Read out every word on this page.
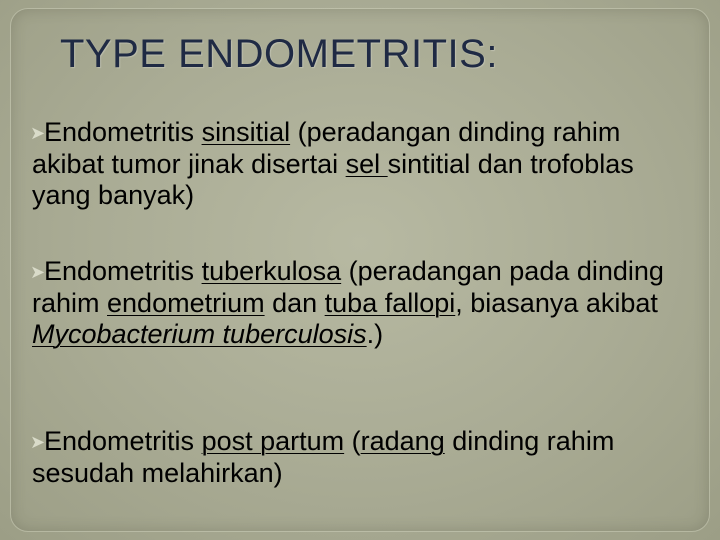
TYPE ENDOMETRITIS:
➤Endometritis sinsitial (peradangan dinding rahim akibat tumor jinak disertai sel sintitial dan trofoblas yang banyak)
➤Endometritis tuberkulosa (peradangan pada dinding rahim endometrium dan tuba fallopi, biasanya akibat Mycobacterium tuberculosis.)
➤Endometritis post partum (radang dinding rahim sesudah melahirkan)
